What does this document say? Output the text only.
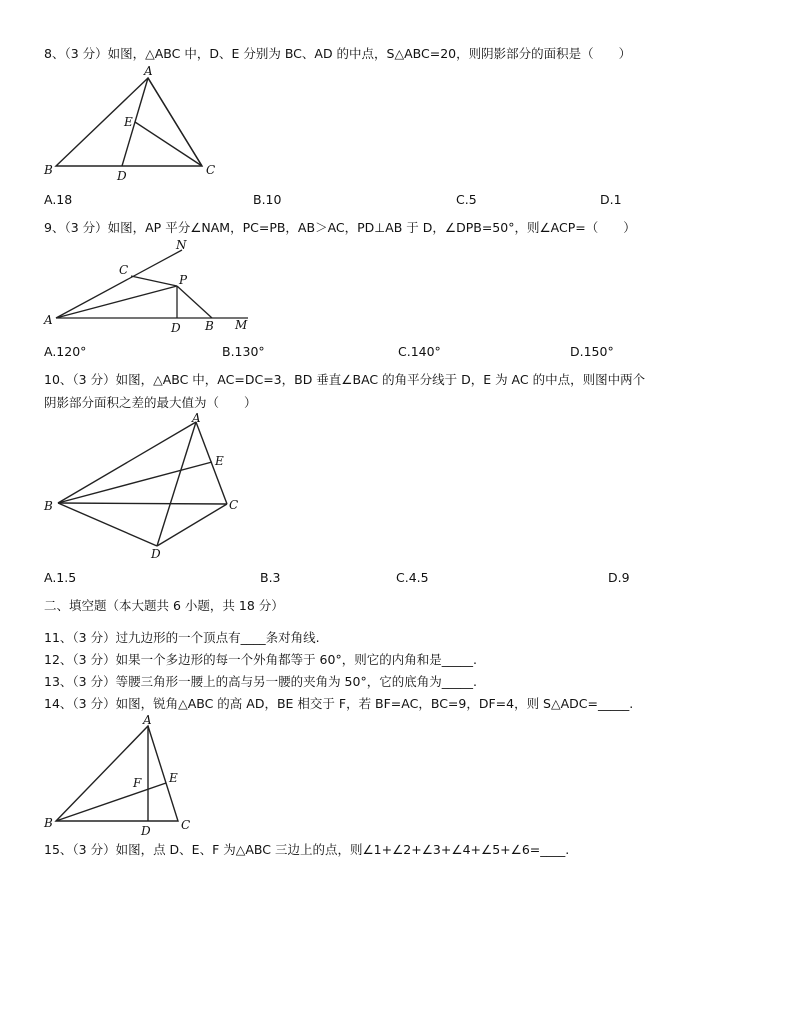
8、（3 分）如图，△ABC 中，D、E 分别为 BC、AD 的中点，S△ABC=20，则阴影部分的面积是（　　）
A
E
B	D	C
A.18	B.10	C.5	D.1
9、（3 分）如图，AP 平分∠NAM，PC=PB，AB＞AC，PD⊥AB 于 D，∠DPB=50°，则∠ACP=（　　）
N
C
P
A
D B M
A.120°	B.130°	C.140°	D.150°
10、（3 分）如图，△ABC 中，AC=DC=3，BD 垂直∠BAC 的角平分线于 D，E 为 AC 的中点，则图中两个
阴影部分面积之差的最大值为（　　）
A
E
B	C
D
A.1.5	B.3	C.4.5	D.9
二、填空题（本大题共 6 小题，共 18 分）
11、（3 分）过九边形的一个顶点有____条对角线.
12、（3 分）如果一个多边形的每一个外角都等于 60°，则它的内角和是_____.
13、（3 分）等腰三角形一腰上的高与另一腰的夹角为 50°，它的底角为_____.
14、（3 分）如图，锐角△ABC 的高 AD，BE 相交于 F，若 BF=AC，BC=9，DF=4，则 S△ADC=_____.
A
F E
B
D	C
15、（3 分）如图，点 D、E、F 为△ABC 三边上的点，则∠1+∠2+∠3+∠4+∠5+∠6=____.
